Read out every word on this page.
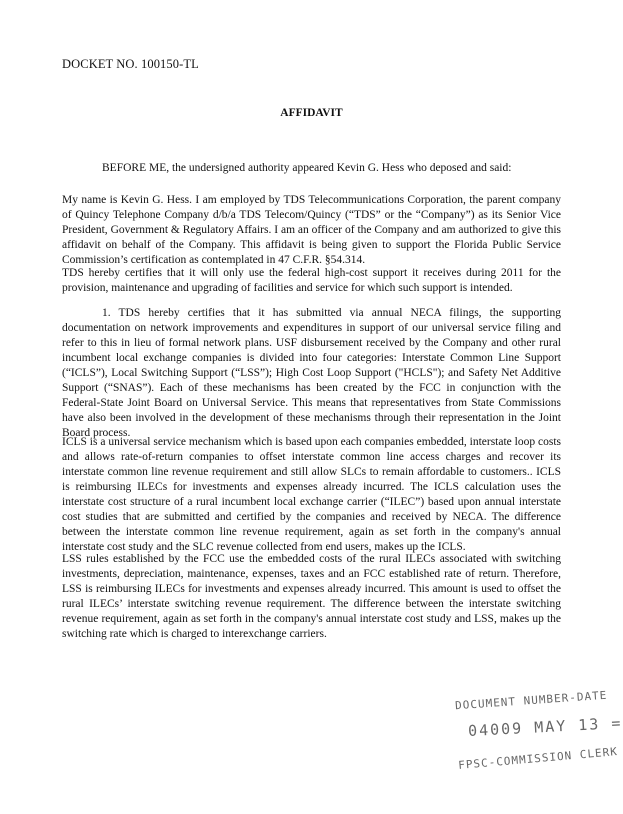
DOCKET NO. 100150-TL
AFFIDAVIT

BEFORE ME, the undersigned authority appeared Kevin G. Hess who deposed and said:

My name is Kevin G. Hess. I am employed by TDS Telecommunications Corporation, the parent company of Quincy Telephone Company d/b/a TDS Telecom/Quincy (“TDS” or the “Company”) as its Senior Vice President, Government & Regulatory Affairs. I am an officer of the Company and am authorized to give this affidavit on behalf of the Company. This affidavit is being given to support the Florida Public Service Commission’s certification as contemplated in 47 C.F.R. §54.314.

TDS hereby certifies that it will only use the federal high-cost support it receives during 2011 for the provision, maintenance and upgrading of facilities and service for which such support is intended.

1. TDS hereby certifies that it has submitted via annual NECA filings, the supporting documentation on network improvements and expenditures in support of our universal service filing and refer to this in lieu of formal network plans. USF disbursement received by the Company and other rural incumbent local exchange companies is divided into four categories: Interstate Common Line Support (“ICLS”), Local Switching Support (“LSS”); High Cost Loop Support ("HCLS"); and Safety Net Additive Support (“SNAS”). Each of these mechanisms has been created by the FCC in conjunction with the Federal-State Joint Board on Universal Service. This means that representatives from State Commissions have also been involved in the development of these mechanisms through their representation in the Joint Board process.

ICLS is a universal service mechanism which is based upon each companies embedded, interstate loop costs and allows rate-of-return companies to offset interstate common line access charges and recover its interstate common line revenue requirement and still allow SLCs to remain affordable to customers.. ICLS is reimbursing ILECs for investments and expenses already incurred. The ICLS calculation uses the interstate cost structure of a rural incumbent local exchange carrier (“ILEC”) based upon annual interstate cost studies that are submitted and certified by the companies and received by NECA. The difference between the interstate common line revenue requirement, again as set forth in the company's annual interstate cost study and the SLC revenue collected from end users, makes up the ICLS.

LSS rules established by the FCC use the embedded costs of the rural ILECs associated with switching investments, depreciation, maintenance, expenses, taxes and an FCC established rate of return. Therefore, LSS is reimbursing ILECs for investments and expenses already incurred. This amount is used to offset the rural ILECs’ interstate switching revenue requirement. The difference between the interstate switching revenue requirement, again as set forth in the company's annual interstate cost study and LSS, makes up the switching rate which is charged to interexchange carriers.

DOCUMENT NUMBER-DATE
04009 MAY 13 =
FPSC-COMMISSION CLERK
